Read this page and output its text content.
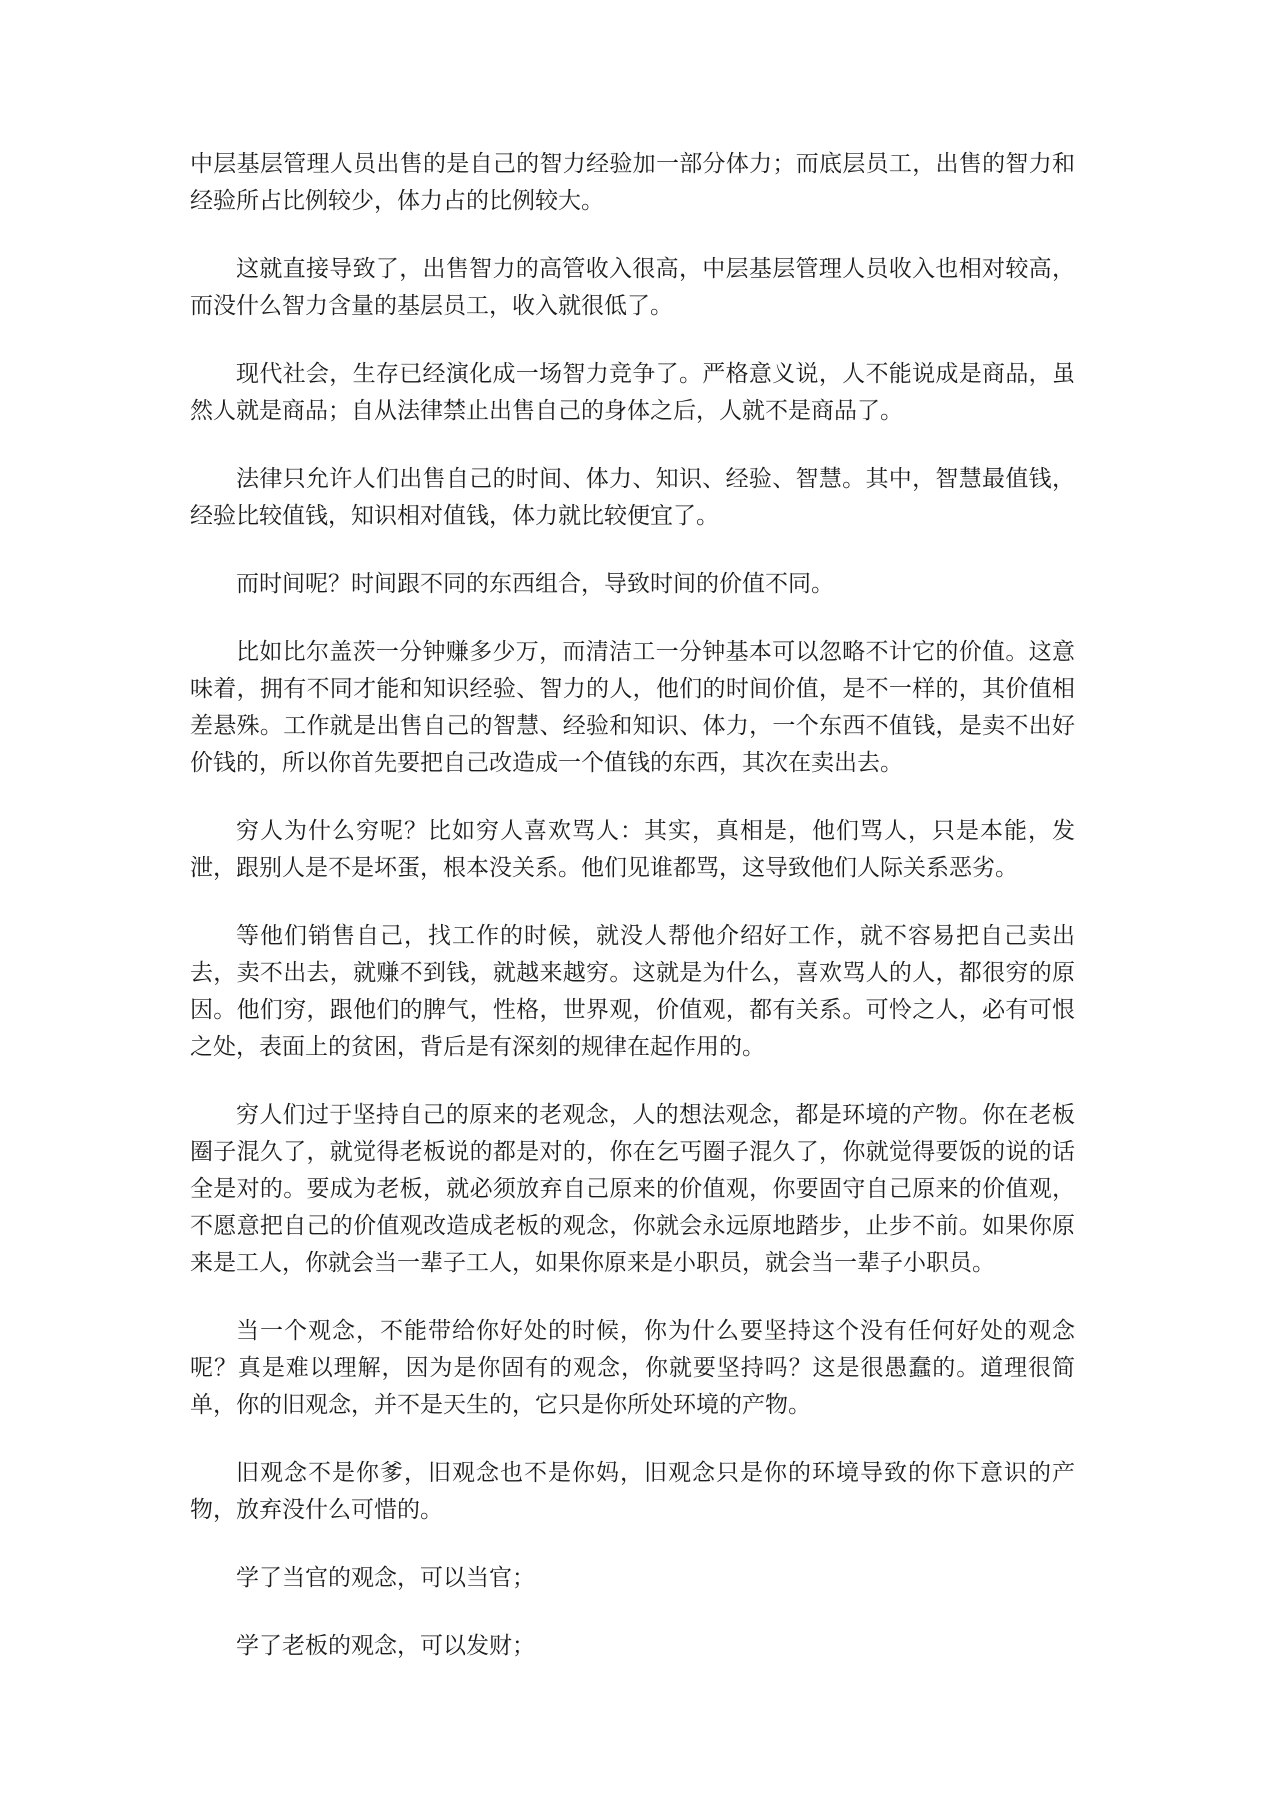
中层基层管理人员出售的是自己的智力经验加一部分体力；而底层员工，出售的智力和经验所占比例较少，体力占的比例较大。

这就直接导致了，出售智力的高管收入很高，中层基层管理人员收入也相对较高，而没什么智力含量的基层员工，收入就很低了。

现代社会，生存已经演化成一场智力竞争了。严格意义说，人不能说成是商品，虽然人就是商品；自从法律禁止出售自己的身体之后，人就不是商品了。

法律只允许人们出售自己的时间、体力、知识、经验、智慧。其中，智慧最值钱，经验比较值钱，知识相对值钱，体力就比较便宜了。

而时间呢？时间跟不同的东西组合，导致时间的价值不同。

比如比尔盖茨一分钟赚多少万，而清洁工一分钟基本可以忽略不计它的价值。这意味着，拥有不同才能和知识经验、智力的人，他们的时间价值，是不一样的，其价值相差悬殊。工作就是出售自己的智慧、经验和知识、体力，一个东西不值钱，是卖不出好价钱的，所以你首先要把自己改造成一个值钱的东西，其次在卖出去。

穷人为什么穷呢？比如穷人喜欢骂人：其实，真相是，他们骂人，只是本能，发泄，跟别人是不是坏蛋，根本没关系。他们见谁都骂，这导致他们人际关系恶劣。

等他们销售自己，找工作的时候，就没人帮他介绍好工作，就不容易把自己卖出去，卖不出去，就赚不到钱，就越来越穷。这就是为什么，喜欢骂人的人，都很穷的原因。他们穷，跟他们的脾气，性格，世界观，价值观，都有关系。可怜之人，必有可恨之处，表面上的贫困，背后是有深刻的规律在起作用的。

穷人们过于坚持自己的原来的老观念，人的想法观念，都是环境的产物。你在老板圈子混久了，就觉得老板说的都是对的，你在乞丐圈子混久了，你就觉得要饭的说的话全是对的。要成为老板，就必须放弃自己原来的价值观，你要固守自己原来的价值观，不愿意把自己的价值观改造成老板的观念，你就会永远原地踏步，止步不前。如果你原来是工人，你就会当一辈子工人，如果你原来是小职员，就会当一辈子小职员。

当一个观念，不能带给你好处的时候，你为什么要坚持这个没有任何好处的观念呢？真是难以理解，因为是你固有的观念，你就要坚持吗？这是很愚蠢的。道理很简单，你的旧观念，并不是天生的，它只是你所处环境的产物。

旧观念不是你爹，旧观念也不是你妈，旧观念只是你的环境导致的你下意识的产物，放弃没什么可惜的。

学了当官的观念，可以当官；

学了老板的观念，可以发财；
